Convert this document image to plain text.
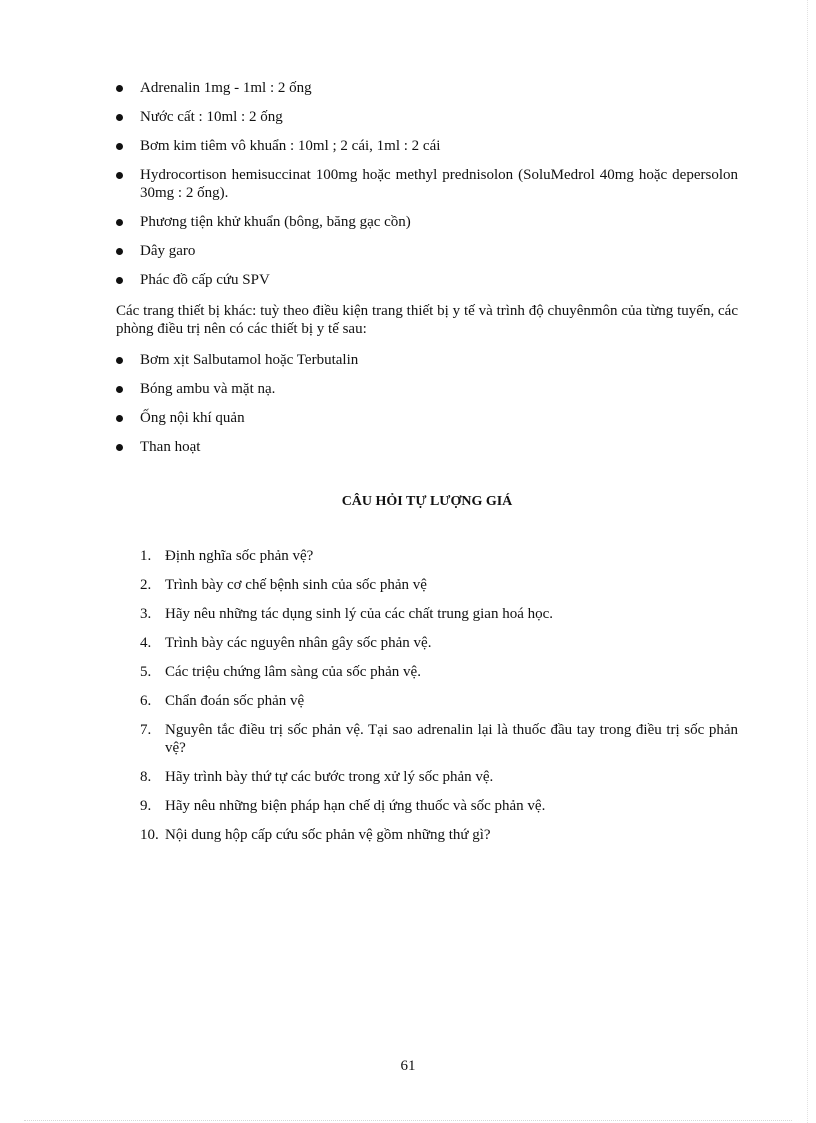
Adrenalin 1mg - 1ml : 2 ống
Nước cất : 10ml : 2 ống
Bơm kim tiêm vô khuẩn : 10ml ; 2 cái, 1ml : 2 cái
Hydrocortison hemisuccinat 100mg hoặc methyl prednisolon (SoluMedrol 40mg hoặc depersolon 30mg : 2 ống).
Phương tiện khử khuẩn (bông, băng gạc cồn)
Dây garo
Phác đồ cấp cứu SPV

Các trang thiết bị khác: tuỳ theo điều kiện trang thiết bị y tế và trình độ chuyênmôn của từng tuyến, các phòng điều trị nên có các thiết bị y tế sau:

Bơm xịt Salbutamol hoặc Terbutalin
Bóng ambu và mặt nạ.
Ống nội khí quản
Than hoạt
CÂU HỎI TỰ LƯỢNG GIÁ
1. Định nghĩa sốc phản vệ?
2. Trình bày cơ chế bệnh sinh của sốc phản vệ
3. Hãy nêu những tác dụng sinh lý của các chất trung gian hoá học.
4. Trình bày các nguyên nhân gây sốc phản vệ.
5. Các triệu chứng lâm sàng của sốc phản vệ.
6. Chẩn đoán sốc phản vệ
7. Nguyên tắc điều trị sốc phản vệ. Tại sao adrenalin lại là thuốc đầu tay trong điều trị sốc phản vệ?
8. Hãy trình bày thứ tự các bước trong xử lý sốc phản vệ.
9. Hãy nêu những biện pháp hạn chế dị ứng thuốc và sốc phản vệ.
10. Nội dung hộp cấp cứu sốc phản vệ gồm những thứ gì?
61
